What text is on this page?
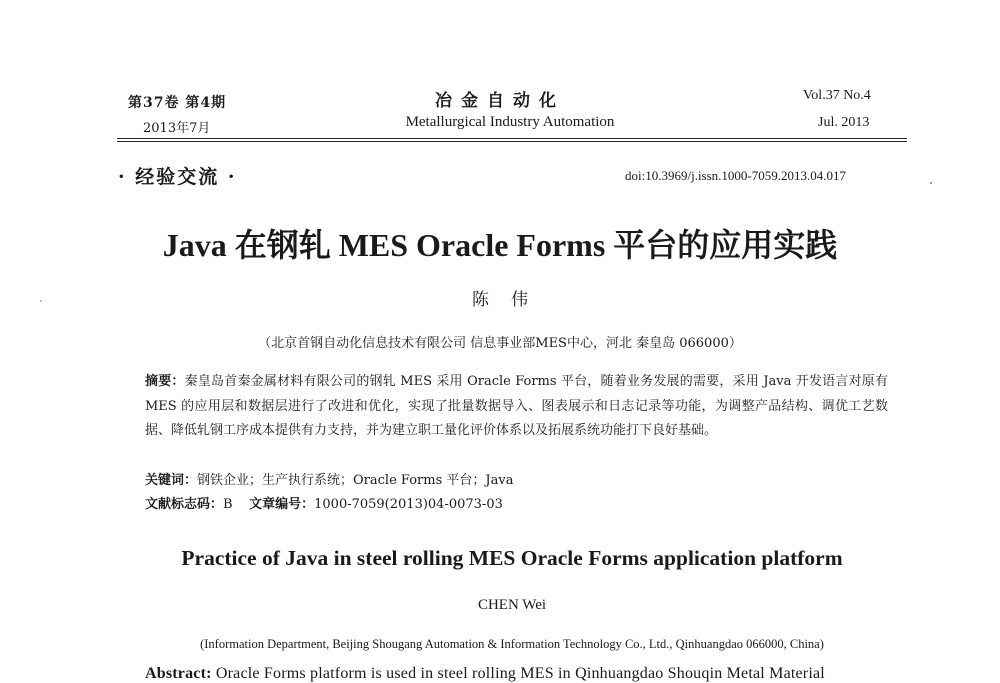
第37卷 第4期
2013年7月
冶金自动化
Metallurgical Industry Automation
Vol.37 No.4
Jul. 2013
· 经验交流 ·	doi:10.3969/j.issn.1000-7059.2013.04.017
Java 在钢轧 MES Oracle Forms 平台的应用实践
陈伟
（北京首钢自动化信息技术有限公司 信息事业部MES中心，河北 秦皇岛 066000）
摘要：秦皇岛首秦金属材料有限公司的钢轧 MES 采用 Oracle Forms 平台，随着业务发展的需要，采用 Java 开发语言对原有 MES 的应用层和数据层进行了改进和优化，实现了批量数据导入、图表展示和日志记录等功能，为调整产品结构、调优工艺数据、降低轧钢工序成本提供有力支持，并为建立职工量化评价体系以及拓展系统功能打下良好基础。
关键词：钢铁企业；生产执行系统；Oracle Forms 平台；Java
文献标志码：B 文章编号：1000-7059(2013)04-0073-03
Practice of Java in steel rolling MES Oracle Forms application platform
CHEN Wei
(Information Department, Beijing Shougang Automation & Information Technology Co., Ltd., Qinhuangdao 066000, China)
Abstract: Oracle Forms platform is used in steel rolling MES in Qinhuangdao Shouqin Metal Material
